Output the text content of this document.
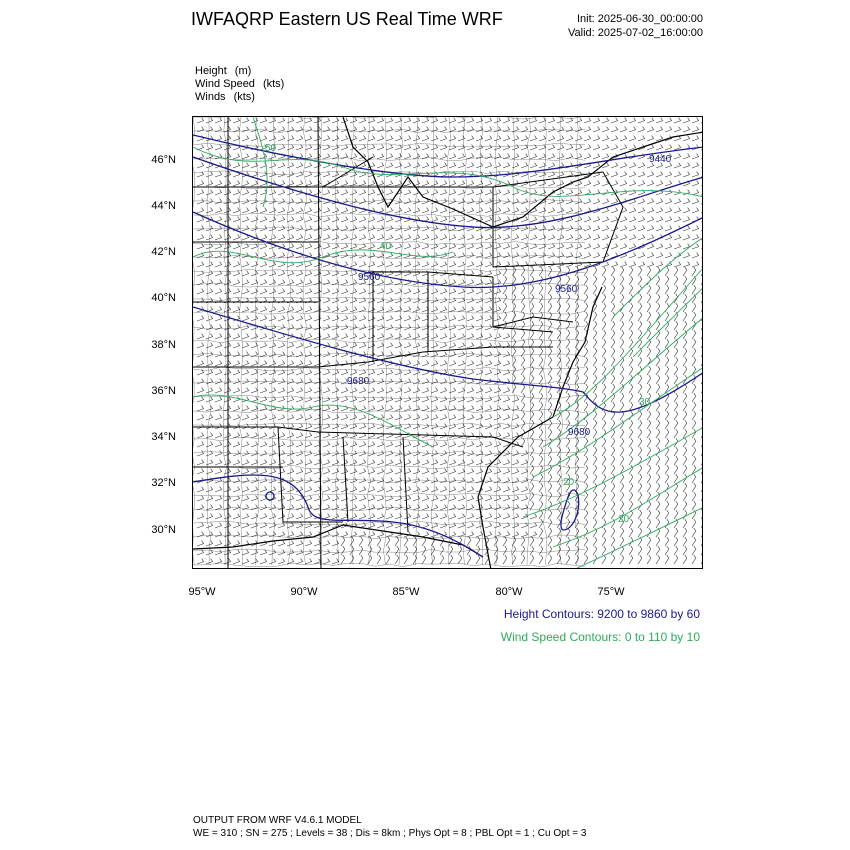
IWFAQRP Eastern US Real Time WRF	Init: 2025-06-30_00:00:00
Valid: 2025-07-02_16:00:00
Height (m)
Wind Speed (kts)
Winds (kts)
9440
9560
9560
9680
9680
50
40
20
20
30
46°N
44°N
42°N
40°N
38°N
36°N
34°N
32°N
30°N
95°W	90°W	85°W	80°W	75°W
Height Contours: 9200 to 9860 by 60
Wind Speed Contours: 0 to 110 by 10
OUTPUT FROM WRF V4.6.1 MODEL
WE = 310 ; SN = 275 ; Levels = 38 ; Dis = 8km ; Phys Opt = 8 ; PBL Opt = 1 ; Cu Opt = 3
